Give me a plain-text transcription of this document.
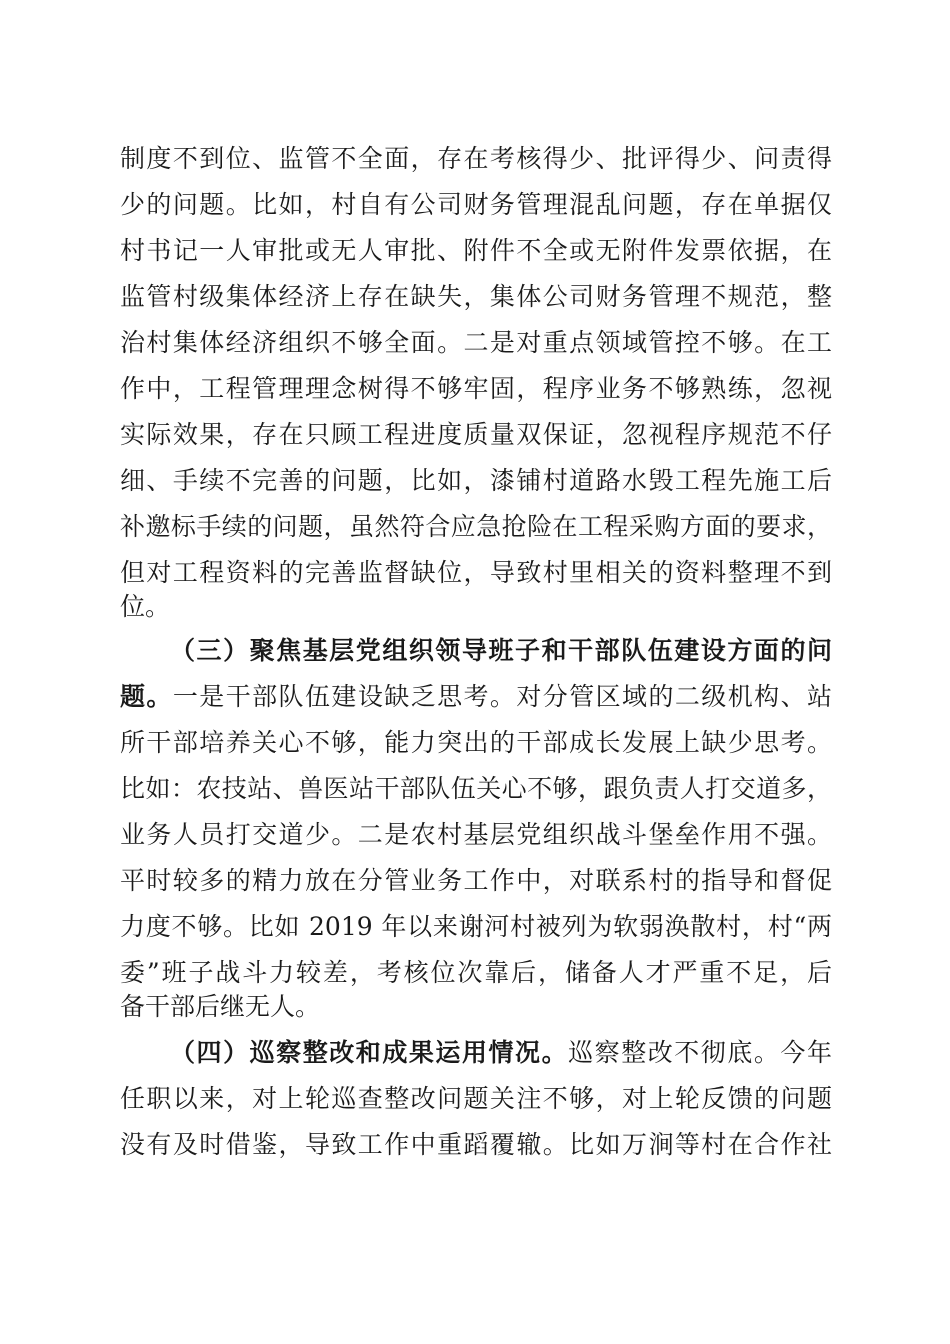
制度不到位、监管不全面，存在考核得少、批评得少、问责得
少的问题。比如，村自有公司财务管理混乱问题，存在单据仅
村书记一人审批或无人审批、附件不全或无附件发票依据，在
监管村级集体经济上存在缺失，集体公司财务管理不规范，整
治村集体经济组织不够全面。二是对重点领域管控不够。在工
作中，工程管理理念树得不够牢固，程序业务不够熟练，忽视
实际效果，存在只顾工程进度质量双保证，忽视程序规范不仔
细、手续不完善的问题，比如，漆铺村道路水毁工程先施工后
补邀标手续的问题，虽然符合应急抢险在工程采购方面的要求，
但对工程资料的完善监督缺位，导致村里相关的资料整理不到
位。
（三）聚焦基层党组织领导班子和干部队伍建设方面的问
题。一是干部队伍建设缺乏思考。对分管区域的二级机构、站
所干部培养关心不够，能力突出的干部成长发展上缺少思考。
比如：农技站、兽医站干部队伍关心不够，跟负责人打交道多，
业务人员打交道少。二是农村基层党组织战斗堡垒作用不强。
平时较多的精力放在分管业务工作中，对联系村的指导和督促
力度不够。比如 2019 年以来谢河村被列为软弱涣散村，村“两
委”班子战斗力较差，考核位次靠后，储备人才严重不足，后
备干部后继无人。
（四）巡察整改和成果运用情况。巡察整改不彻底。今年
任职以来，对上轮巡查整改问题关注不够，对上轮反馈的问题
没有及时借鉴，导致工作中重蹈覆辙。比如万涧等村在合作社
